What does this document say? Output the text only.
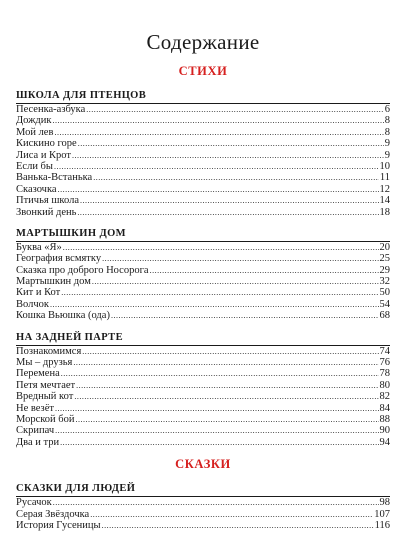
Содержание
СТИХИ
ШКОЛА ДЛЯ ПТЕНЦОВ
Песенка-азбука .....	6
Дождик .....	8
Мой лев .....	8
Кискино горе .....	9
Лиса и Крот .....	9
Если бы .....	10
Ванька-Встанька .....	11
Сказочка .....	12
Птичья школа .....	14
Звонкий день .....	18
МАРТЫШКИН ДОМ
Буква «Я» .....	20
География всмятку .....	25
Сказка про доброго Носорога .....	29
Мартышкин дом .....	32
Кит и Кот .....	50
Волчок .....	54
Кошка Вьюшка (ода) .....	68
НА ЗАДНЕЙ ПАРТЕ
Познакомимся .....	74
Мы – друзья .....	76
Перемена .....	78
Петя мечтает .....	80
Вредный кот .....	82
Не везёт .....	84
Морской бой .....	88
Скрипач .....	90
Два и три .....	94
СКАЗКИ
СКАЗКИ ДЛЯ ЛЮДЕЙ
Русачок .....	98
Серая Звёздочка .....	107
История Гусеницы .....	116
